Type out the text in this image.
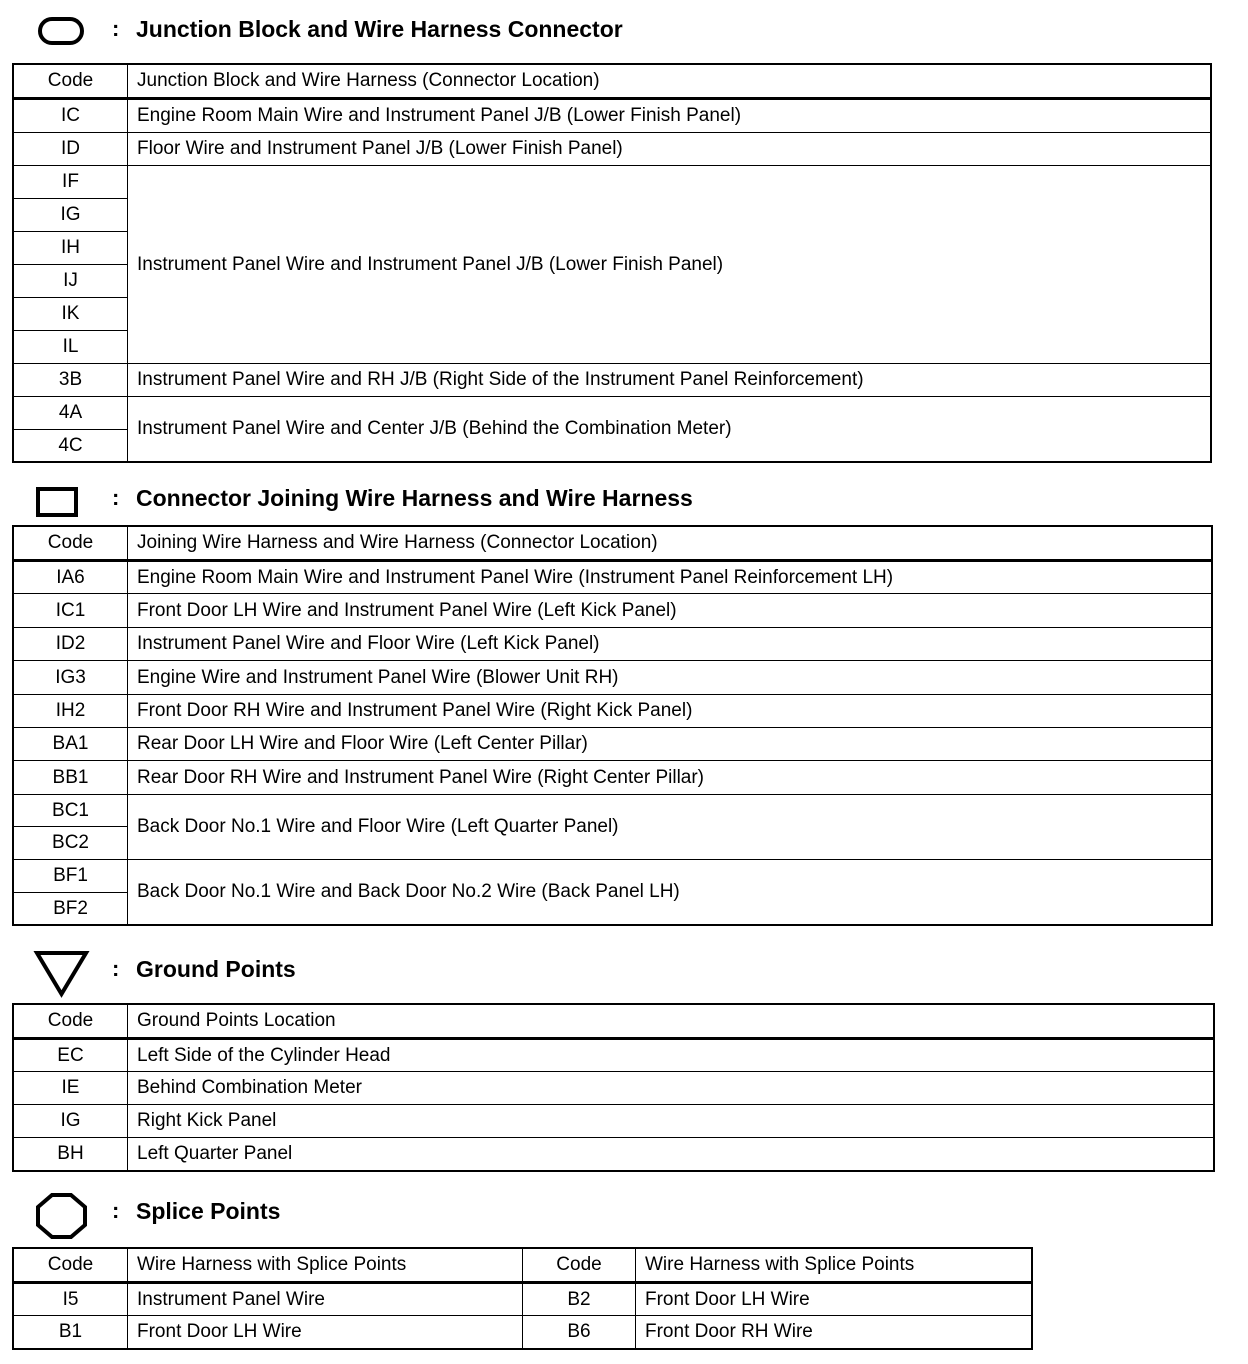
: Junction Block and Wire Harness Connector
Code	Junction Block and Wire Harness (Connector Location)
IC	Engine Room Main Wire and Instrument Panel J/B (Lower Finish Panel)
ID	Floor Wire and Instrument Panel J/B (Lower Finish Panel)
IF	Instrument Panel Wire and Instrument Panel J/B (Lower Finish Panel)
IG	
IH	
IJ	
IK	
IL	
3B	Instrument Panel Wire and RH J/B (Right Side of the Instrument Panel Reinforcement)
4A	Instrument Panel Wire and Center J/B (Behind the Combination Meter)
4C	
: Connector Joining Wire Harness and Wire Harness
Code	Joining Wire Harness and Wire Harness (Connector Location)
IA6	Engine Room Main Wire and Instrument Panel Wire (Instrument Panel Reinforcement LH)
IC1	Front Door LH Wire and Instrument Panel Wire (Left Kick Panel)
ID2	Instrument Panel Wire and Floor Wire (Left Kick Panel)
IG3	Engine Wire and Instrument Panel Wire (Blower Unit RH)
IH2	Front Door RH Wire and Instrument Panel Wire (Right Kick Panel)
BA1	Rear Door LH Wire and Floor Wire (Left Center Pillar)
BB1	Rear Door RH Wire and Instrument Panel Wire (Right Center Pillar)
BC1	Back Door No.1 Wire and Floor Wire (Left Quarter Panel)
BC2	
BF1	Back Door No.1 Wire and Back Door No.2 Wire (Back Panel LH)
BF2	
: Ground Points
Code	Ground Points Location
EC	Left Side of the Cylinder Head
IE	Behind Combination Meter
IG	Right Kick Panel
BH	Left Quarter Panel
: Splice Points
Code	Wire Harness with Splice Points	Code	Wire Harness with Splice Points
I5	Instrument Panel Wire	B2	Front Door LH Wire
B1	Front Door LH Wire	B6	Front Door RH Wire
